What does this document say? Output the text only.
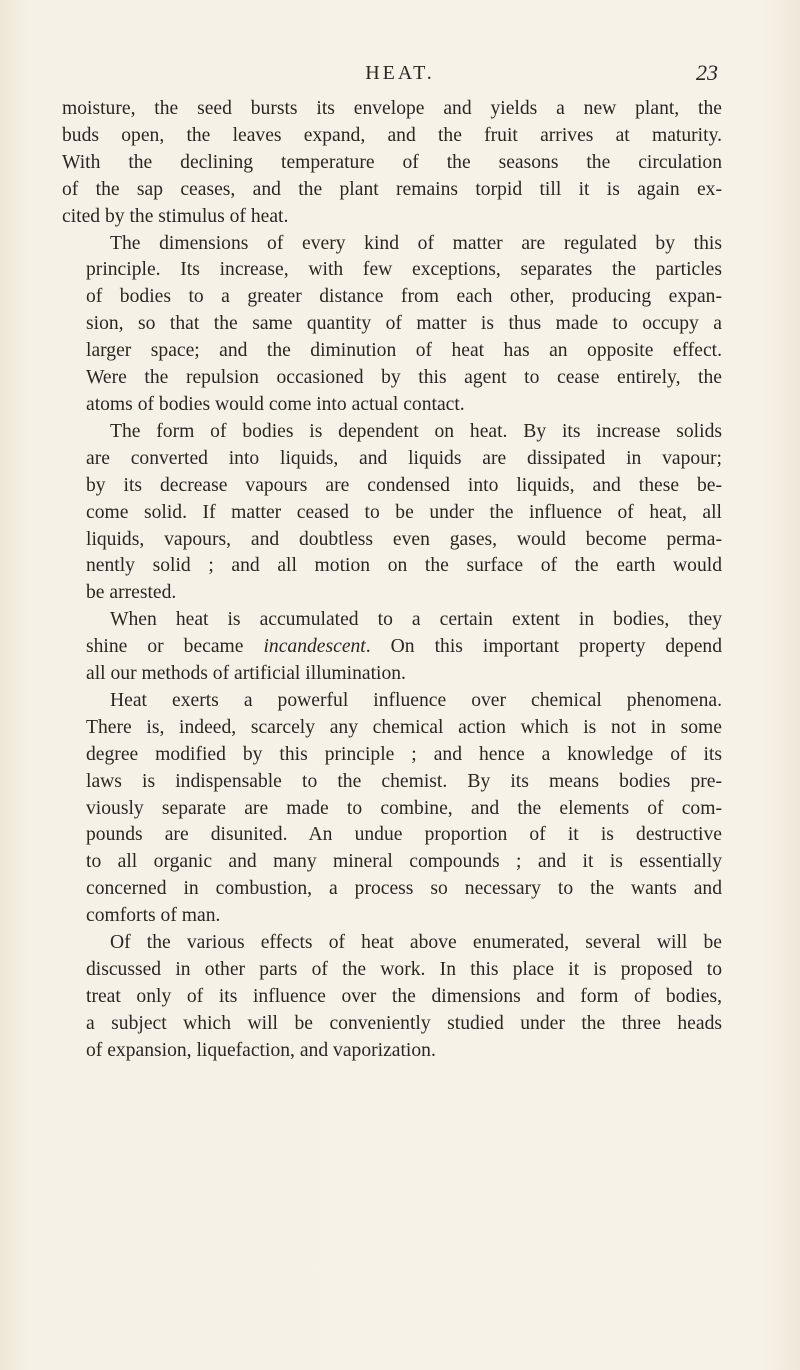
HEAT.	23

moisture, the seed bursts its envelope and yields a new plant, the
buds open, the leaves expand, and the fruit arrives at maturity.
With the declining temperature of the seasons the circulation
of the sap ceases, and the plant remains torpid till it is again ex-
cited by the stimulus of heat.

The dimensions of every kind of matter are regulated by this
principle. Its increase, with few exceptions, separates the particles
of bodies to a greater distance from each other, producing expan-
sion, so that the same quantity of matter is thus made to occupy a
larger space; and the diminution of heat has an opposite effect.
Were the repulsion occasioned by this agent to cease entirely, the
atoms of bodies would come into actual contact.

The form of bodies is dependent on heat. By its increase solids
are converted into liquids, and liquids are dissipated in vapour;
by its decrease vapours are condensed into liquids, and these be-
come solid. If matter ceased to be under the influence of heat, all
liquids, vapours, and doubtless even gases, would become perma-
nently solid ; and all motion on the surface of the earth would
be arrested.

When heat is accumulated to a certain extent in bodies, they
shine or became incandescent. On this important property depend
all our methods of artificial illumination.

Heat exerts a powerful influence over chemical phenomena.
There is, indeed, scarcely any chemical action which is not in some
degree modified by this principle ; and hence a knowledge of its
laws is indispensable to the chemist. By its means bodies pre-
viously separate are made to combine, and the elements of com-
pounds are disunited. An undue proportion of it is destructive
to all organic and many mineral compounds ; and it is essentially
concerned in combustion, a process so necessary to the wants and
comforts of man.

Of the various effects of heat above enumerated, several will be
discussed in other parts of the work. In this place it is proposed to
treat only of its influence over the dimensions and form of bodies,
a subject which will be conveniently studied under the three heads
of expansion, liquefaction, and vaporization.
